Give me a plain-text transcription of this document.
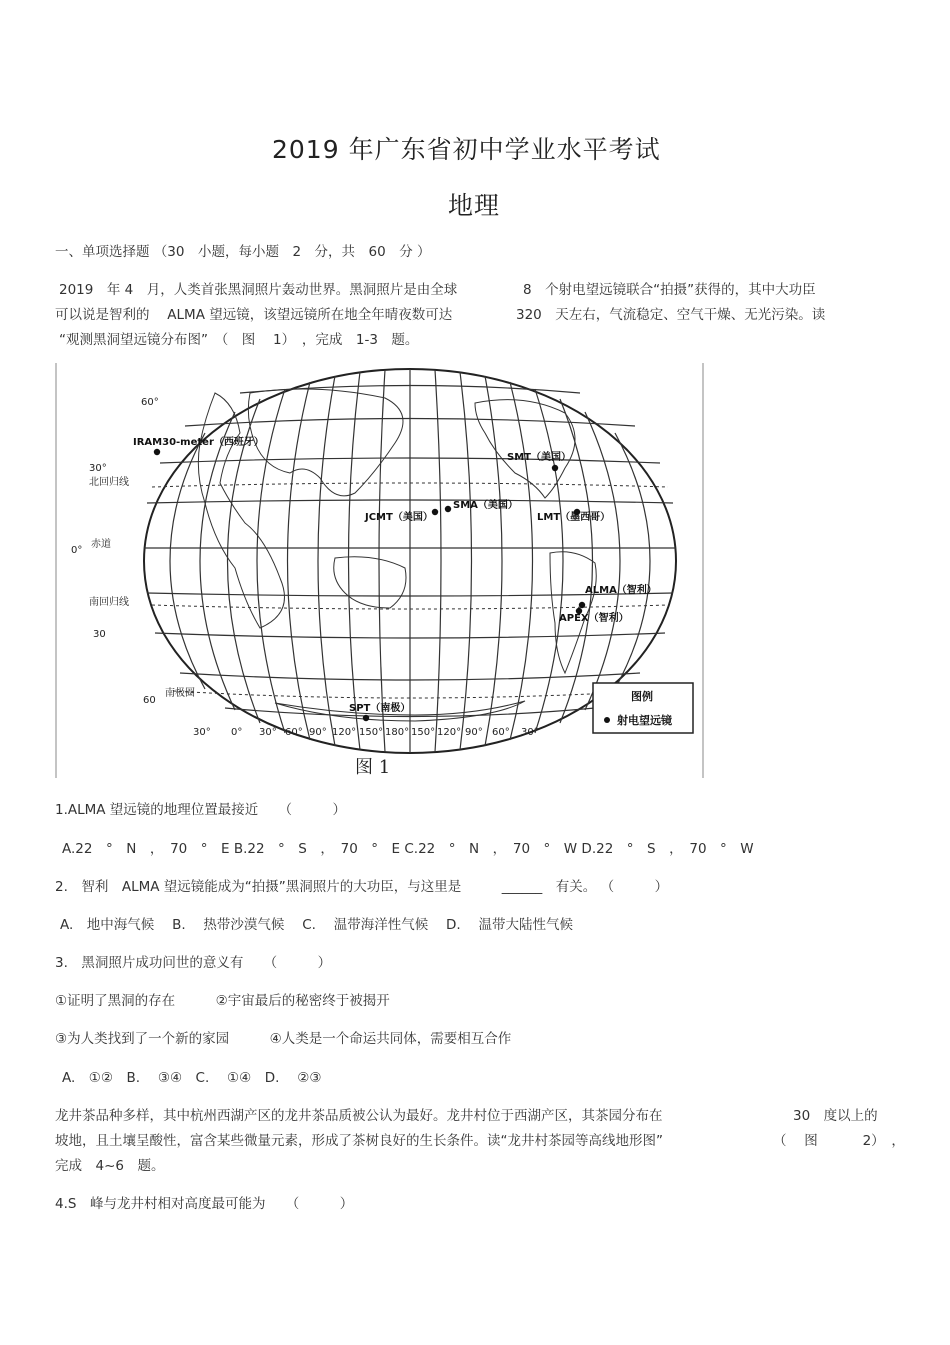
2019 年广东省初中学业水平考试
地理
一、单项选择题 （30　小题，每小题　2　分，共　60　分 ）
2019　年 4　月，人类首张黑洞照片轰动世界。黑洞照片是由全球	8　个射电望远镜联合“拍摄”获得的，其中大功臣
可以说是智利的　 ALMA 望远镜，该望远镜所在地全年晴夜数可达	320　天左右，气流稳定、空气干燥、无光污染。读
“观测黑洞望远镜分布图”　（　图　 1）　，完成　1-3　题。
60°
30°
0°
30
60
北回归线
赤道
南回归线
南极圈
IRAM30-meter（西班牙）
SMT（美国）
JCMT（美国）
SMA（美国）
LMT（墨西哥）
ALMA（智利）
APEX（智利）
SPT（南极）
30° 0° 30° 60° 90° 120° 150° 180° 150° 120° 90° 60° 30°
图例
射电望远镜
图 1
1.ALMA 望远镜的地理位置最接近　　（　　　）
A.22　°　N　，　70　°　E B.22　°　S　，　70　°　E C.22　°　N　，　70　°　W D.22　°　S　，　70　°　W
2.　智利　ALMA 望远镜能成为“拍摄”黑洞照片的大功臣，与这里是　　　______　有关。 （　　　）
A.　地中海气候　 B.　 热带沙漠气候　 C.　 温带海洋性气候　 D.　 温带大陆性气候
3.　黑洞照片成功问世的意义有　　（　　　）
①证明了黑洞的存在　　　②宇宙最后的秘密终于被揭开
③为人类找到了一个新的家园　　　④人类是一个命运共同体，需要相互合作
A.　①②　B.　 ③④　C.　 ①④　D.　 ②③
龙井茶品种多样，其中杭州西湖产区的龙井茶品质被公认为最好。龙井村位于西湖产区，其茶园分布在	30　度以上的
坡地，且土壤呈酸性，富含某些微量元素，形成了茶树良好的生长条件。读“龙井村茶园等高线地形图”	（　 图　　　 2）　，
完成　4~6　题。
4.S　峰与龙井村相对高度最可能为　　（　　　）
